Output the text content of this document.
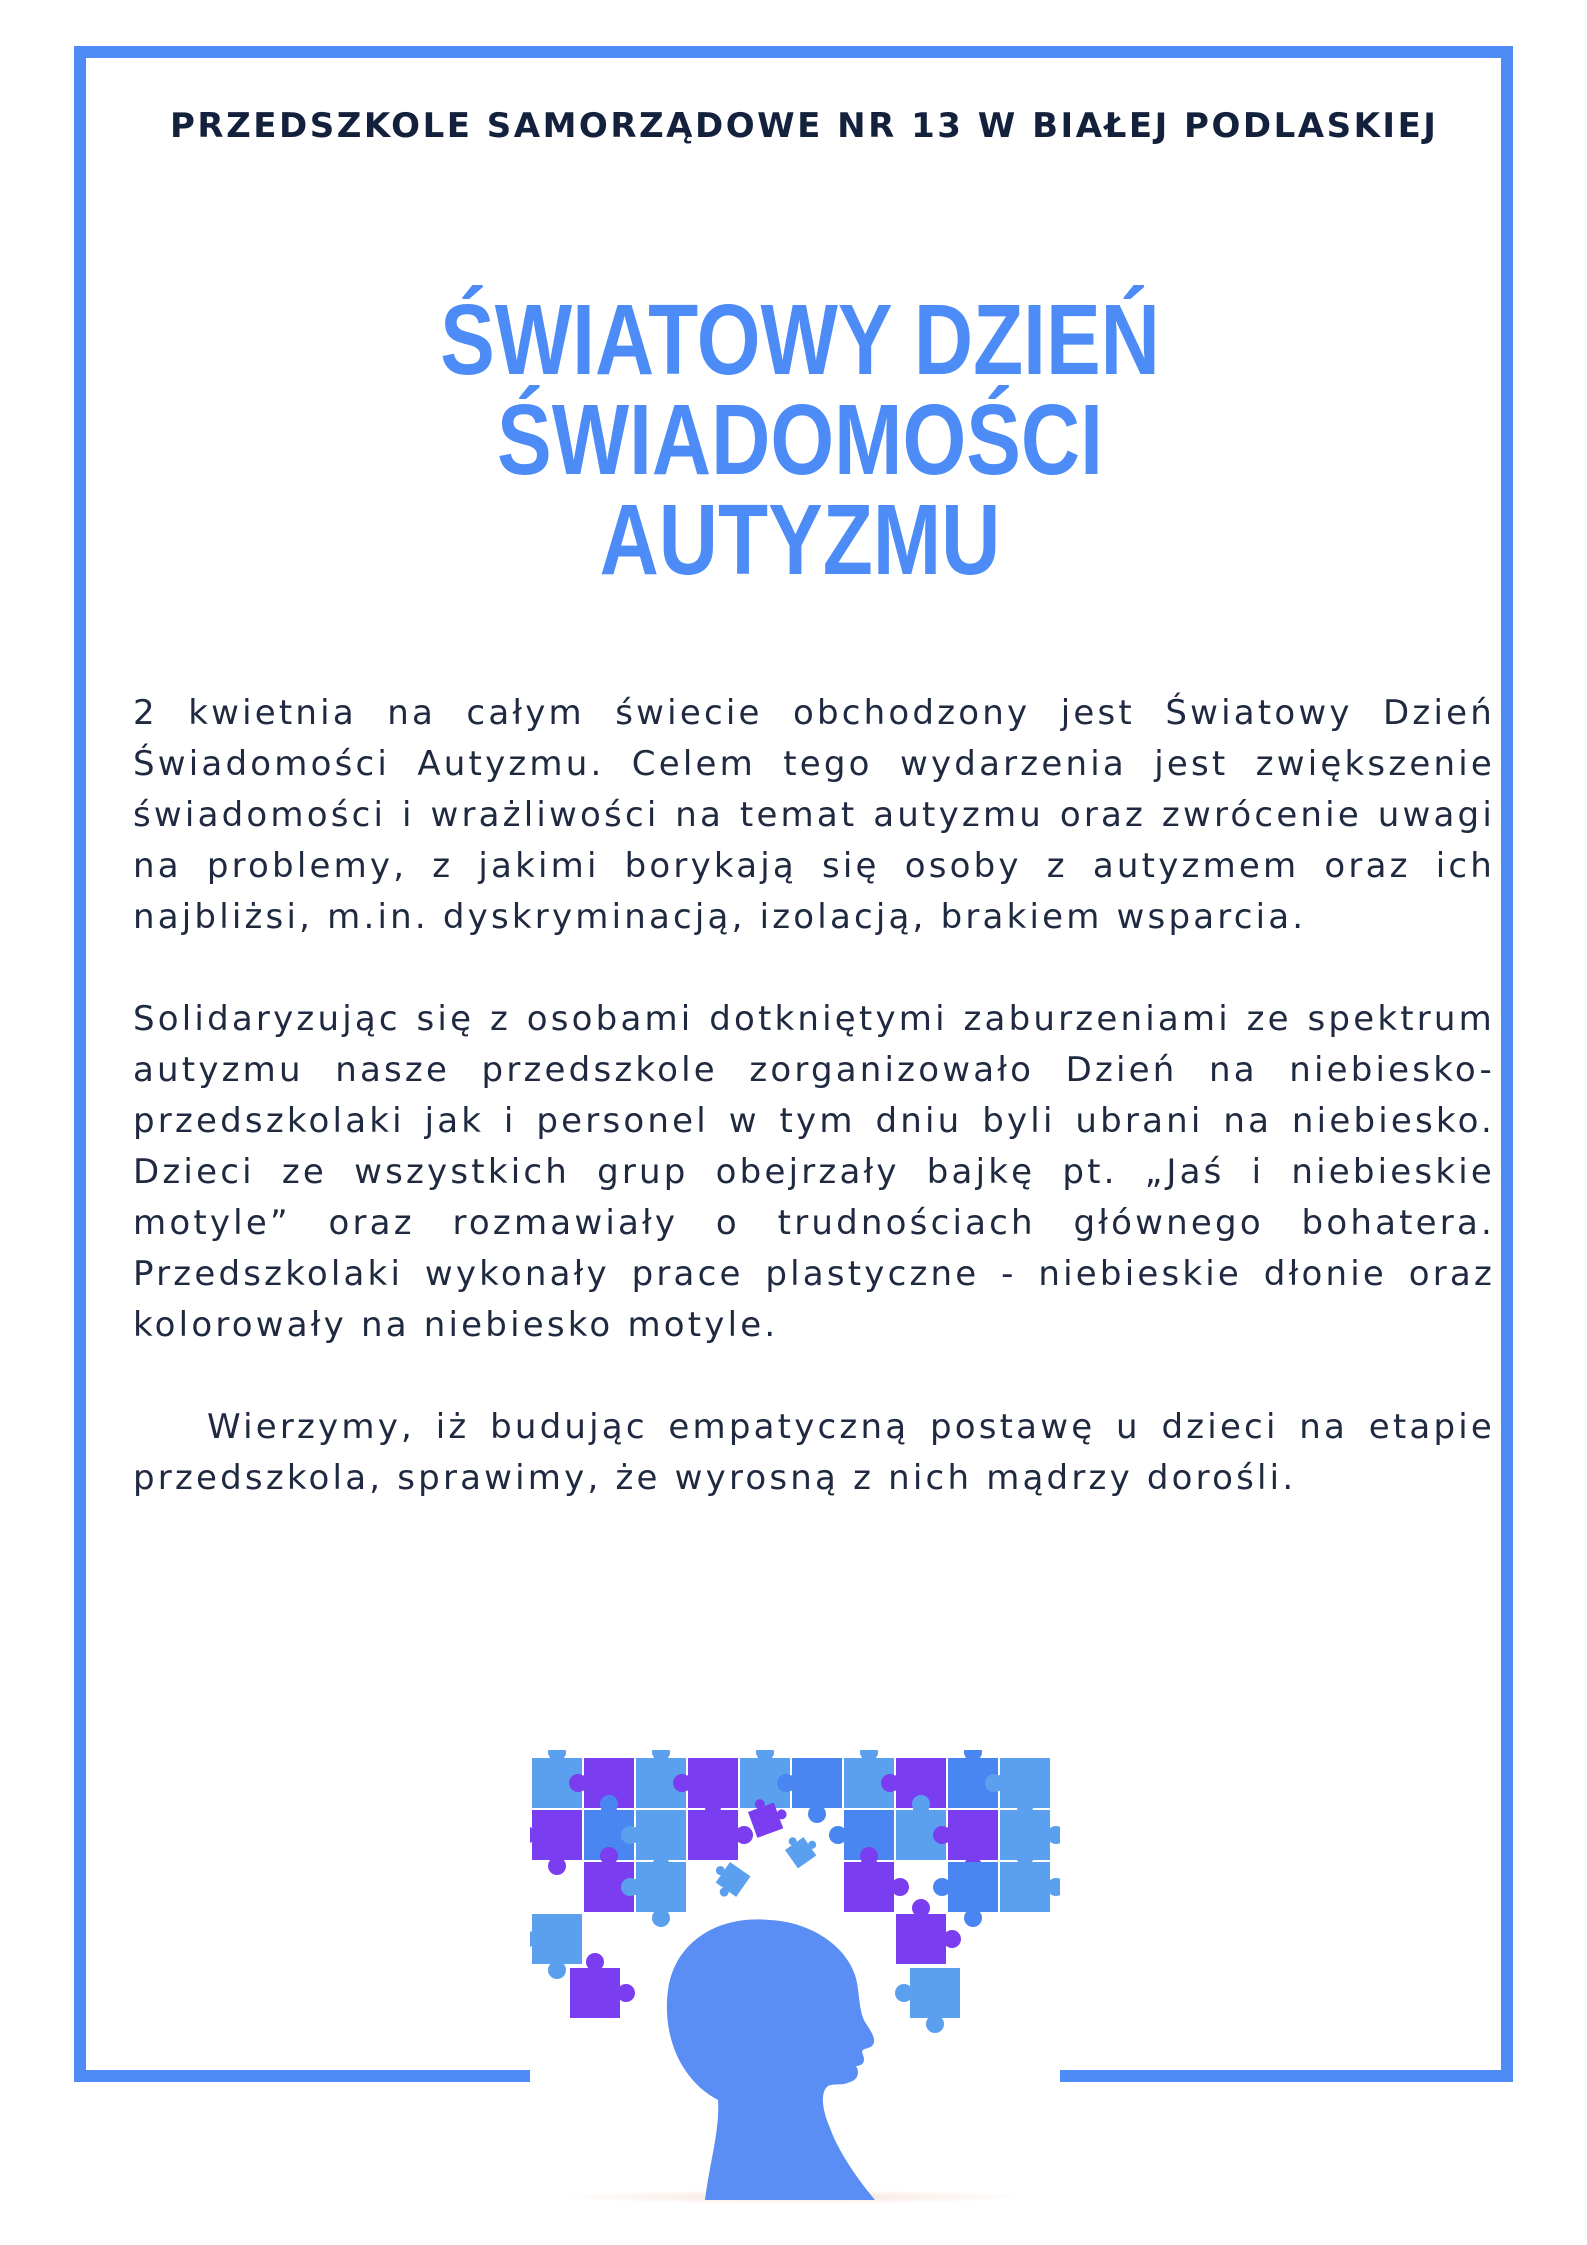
PRZEDSZKOLE SAMORZĄDOWE NR 13 W BIAŁEJ PODLASKIEJ
ŚWIATOWY DZIEŃ ŚWIADOMOŚCI
AUTYZMU

2 kwietnia na całym świecie obchodzony jest Światowy Dzień Świadomości Autyzmu. Celem tego wydarzenia jest zwiększenie świadomości i wrażliwości na temat autyzmu oraz zwrócenie uwagi na problemy, z jakimi borykają się osoby z autyzmem oraz ich najbliżsi, m.in. dyskryminacją, izolacją, brakiem wsparcia.

Solidaryzując się z osobami dotkniętymi zaburzeniami ze spektrum autyzmu nasze przedszkole zorganizowało Dzień na niebiesko- przedszkolaki jak i personel w tym dniu byli ubrani na niebiesko. Dzieci ze wszystkich grup obejrzały bajkę pt. „Jaś i niebieskie motyle” oraz rozmawiały o trudnościach głównego bohatera. Przedszkolaki wykonały prace plastyczne - niebieskie dłonie oraz kolorowały na niebiesko motyle.

Wierzymy, iż budując empatyczną postawę u dzieci na etapie przedszkola, sprawimy, że wyrosną z nich mądrzy dorośli.
